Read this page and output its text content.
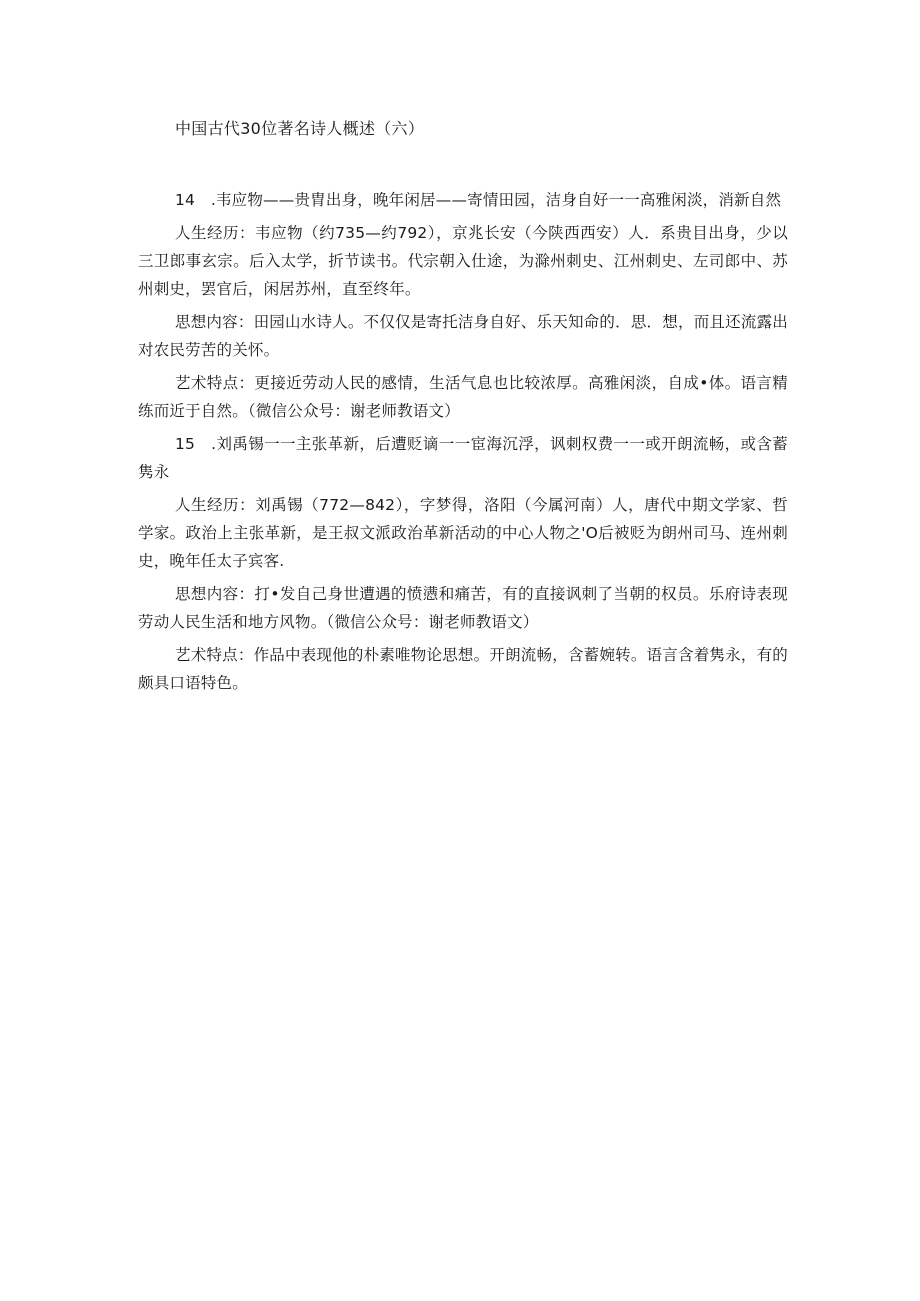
中国古代30位著名诗人概述（六）

14　.韦应物——贵胄出身，晚年闲居——寄情田园，洁身自好一一高雅闲淡，消新自然

人生经历：韦应物（约735—约792），京兆长安（今陕西西安）人．系贵目出身，少以三卫郎事玄宗。后入太学，折节读书。代宗朝入仕途，为滁州刺史、江州刺史、左司郎中、苏州刺史，罢官后，闲居苏州，直至终年。

思想内容：田园山水诗人。不仅仅是寄托洁身自好、乐天知命的．思．想，而且还流露出对农民劳苦的关怀。

艺术特点：更接近劳动人民的感情，生活气息也比较浓厚。高雅闲淡，自成•体。语言精练而近于自然。（微信公众号：谢老师教语文）

15　.刘禹锡一一主张革新，后遭贬谪一一宦海沉浮，讽刺权费一一或开朗流畅，或含蓄隽永

人生经历：刘禹锡（772—842），字梦得，洛阳（今属河南）人，唐代中期文学家、哲学家。政治上主张革新，是王叔文派政治革新活动的中心人物之'O后被贬为朗州司马、连州刺史，晚年任太子宾客.

思想内容：打•发自己身世遭遇的愤懑和痛苦，有的直接讽刺了当朝的权员。乐府诗表现劳动人民生活和地方风物。（微信公众号：谢老师教语文）

艺术特点：作品中表现他的朴素唯物论思想。开朗流畅，含蓄婉转。语言含着隽永，有的颇具口语特色。
